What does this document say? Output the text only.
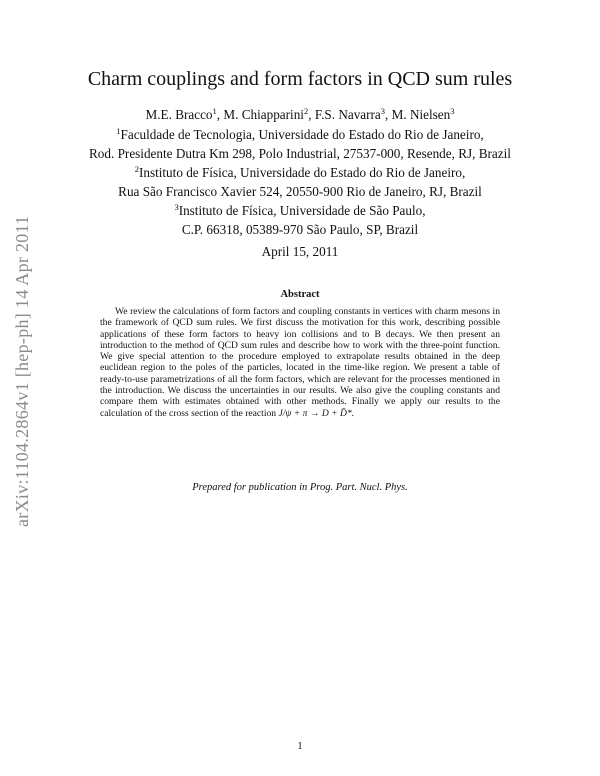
arXiv:1104.2864v1 [hep-ph] 14 Apr 2011
Charm couplings and form factors in QCD sum rules
M.E. Bracco$^1$, M. Chiapparini$^2$, F.S. Navarra$^3$, M. Nielsen$^3$
$^1$Faculdade de Tecnologia, Universidade do Estado do Rio de Janeiro,
Rod. Presidente Dutra Km 298, Polo Industrial, 27537-000, Resende, RJ, Brazil
$^2$Instituto de Física, Universidade do Estado do Rio de Janeiro,
Rua São Francisco Xavier 524, 20550-900 Rio de Janeiro, RJ, Brazil
$^3$Instituto de Física, Universidade de São Paulo,
C.P. 66318, 05389-970 São Paulo, SP, Brazil
April 15, 2011
Abstract
We review the calculations of form factors and coupling constants in vertices with charm mesons in the framework of QCD sum rules. We first discuss the motivation for this work, describing possible applications of these form factors to heavy ion collisions and to B decays. We then present an introduction to the method of QCD sum rules and describe how to work with the three-point function. We give special attention to the procedure employed to extrapolate results obtained in the deep euclidean region to the poles of the particles, located in the time-like region. We present a table of ready-to-use parametrizations of all the form factors, which are relevant for the processes mentioned in the introduction. We discuss the uncertainties in our results. We also give the coupling constants and compare them with estimates obtained with other methods. Finally we apply our results to the calculation of the cross section of the reaction J/ψ + π → D + D̄*.
Prepared for publication in Prog. Part. Nucl. Phys.
1
